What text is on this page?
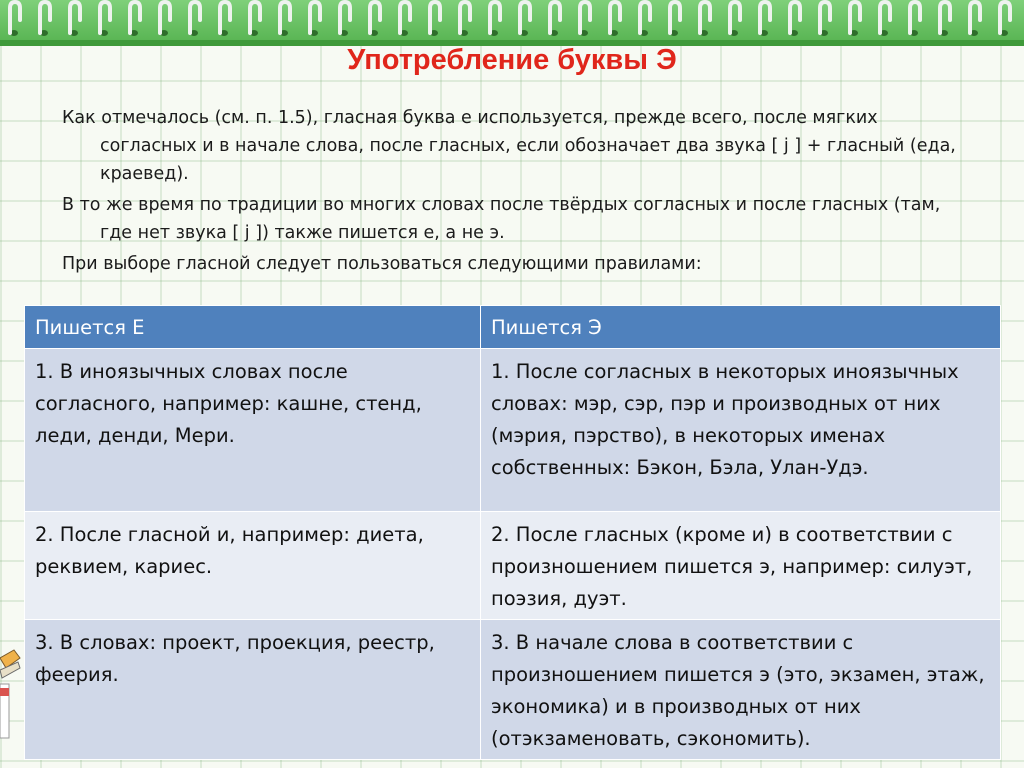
Употребление буквы Э

Как отмечалось (см. п. 1.5), гласная буква е используется, прежде всего, после мягких согласных и в начале слова, после гласных, если обозначает два звука [ j ] + гласный (еда, краевед).

В то же время по традиции во многих словах после твёрдых согласных и после гласных (там, где нет звука [ j ]) также пишется е, а не э.

При выборе гласной следует пользоваться следующими правилами:

Пишется Е	Пишется Э
1. В иноязычных словах после согласного, например: кашне, стенд, леди, денди, Мери.	1. После согласных в некоторых иноязычных словах: мэр, сэр, пэр и производных от них (мэрия, пэрство), в некоторых именах собственных: Бэкон, Бэла, Улан-Удэ.
2. После гласной и, например: диета, реквием, кариес.	2. После гласных (кроме и) в соответствии с произношением пишется э, например: силуэт, поэзия, дуэт.
3. В словах: проект, проекция, реестр, феерия.	3. В начале слова в соответствии с произношением пишется э (это, экзамен, этаж, экономика) и в производных от них (отэкзаменовать, сэкономить).
